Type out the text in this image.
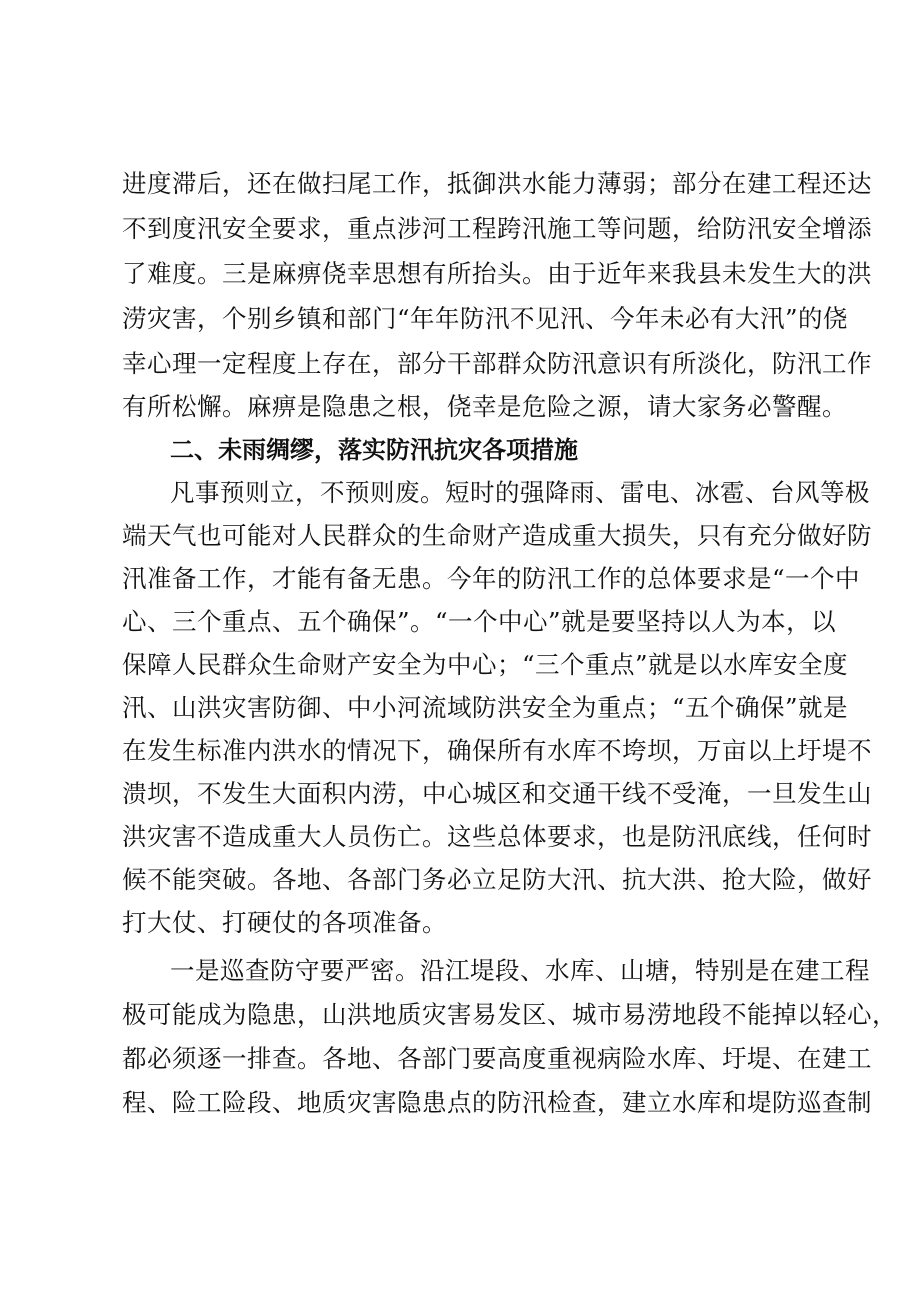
进度滞后，还在做扫尾工作，抵御洪水能力薄弱；部分在建工程还达
不到度汛安全要求，重点涉河工程跨汛施工等问题，给防汛安全增添
了难度。三是麻痹侥幸思想有所抬头。由于近年来我县未发生大的洪
涝灾害，个别乡镇和部门“年年防汛不见汛、今年未必有大汛”的侥
幸心理一定程度上存在，部分干部群众防汛意识有所淡化，防汛工作
有所松懈。麻痹是隐患之根，侥幸是危险之源，请大家务必警醒。
二、未雨绸缪，落实防汛抗灾各项措施
凡事预则立，不预则废。短时的强降雨、雷电、冰雹、台风等极
端天气也可能对人民群众的生命财产造成重大损失，只有充分做好防
汛准备工作，才能有备无患。今年的防汛工作的总体要求是“一个中
心、三个重点、五个确保”。“一个中心”就是要坚持以人为本，以
保障人民群众生命财产安全为中心；“三个重点”就是以水库安全度
汛、山洪灾害防御、中小河流域防洪安全为重点；“五个确保”就是
在发生标准内洪水的情况下，确保所有水库不垮坝，万亩以上圩堤不
溃坝，不发生大面积内涝，中心城区和交通干线不受淹，一旦发生山
洪灾害不造成重大人员伤亡。这些总体要求，也是防汛底线，任何时
候不能突破。各地、各部门务必立足防大汛、抗大洪、抢大险，做好
打大仗、打硬仗的各项准备。
一是巡查防守要严密。沿江堤段、水库、山塘，特别是在建工程
极可能成为隐患，山洪地质灾害易发区、城市易涝地段不能掉以轻心，
都必须逐一排查。各地、各部门要高度重视病险水库、圩堤、在建工
程、险工险段、地质灾害隐患点的防汛检查，建立水库和堤防巡查制
